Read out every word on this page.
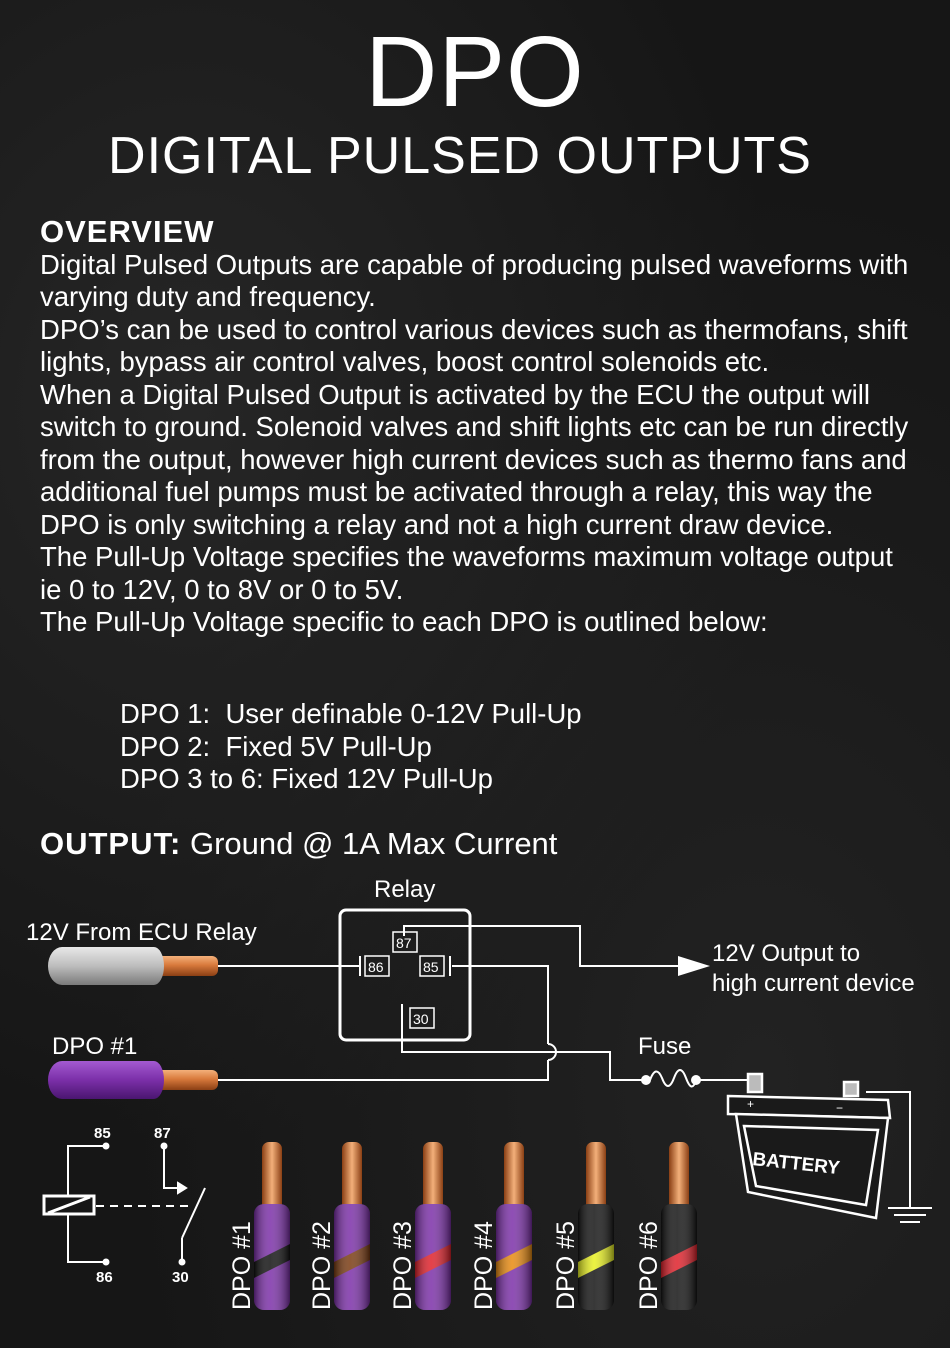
DPO
DIGITAL PULSED OUTPUTS
OVERVIEW

Digital Pulsed Outputs are capable of producing pulsed waveforms with varying duty and frequency.

DPO’s can be used to control various devices such as thermofans, shift lights, bypass air control valves, boost control solenoids etc.

When a Digital Pulsed Output is activated by the ECU the output will switch to ground. Solenoid valves and shift lights etc can be run directly from the output, however high current devices such as thermo fans and additional fuel pumps must be activated through a relay, this way the DPO is only switching a relay and not a high current draw device.

The Pull-Up Voltage specifies the waveforms maximum voltage output ie 0 to 12V, 0 to 8V or 0 to 5V.

The Pull-Up Voltage specific to each DPO is outlined below:

DPO 1:  User definable 0-12V Pull-Up
DPO 2:  Fixed 5V Pull-Up
DPO 3 to 6: Fixed 12V Pull-Up
OUTPUT: Ground @ 1A Max Current
Relay
12V From ECU Relay
DPO #1
12V Output to
high current device
Fuse
87
86	85
30
+	−
BATTERY
85	87
86	30 DPO #1 DPO #2 DPO #3 DPO #4 DPO #5 DPO #6
